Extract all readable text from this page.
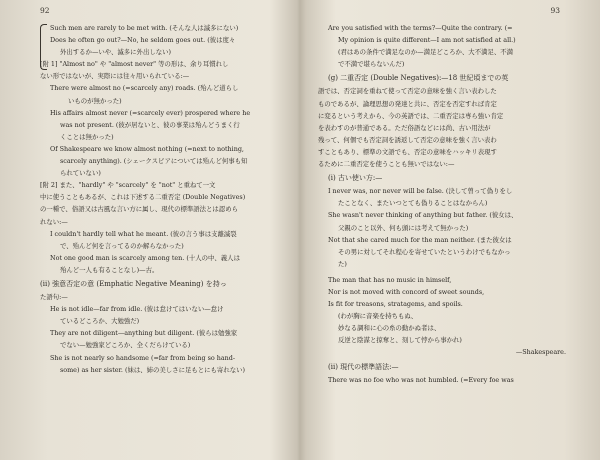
92
Such men are rarely to be met with. (そんな人は滅多にない)
Does he often go out?—No, he seldom goes out. (彼は度々
外出するか—いや、滅多に外出しない)
[附 1] "Almost no" や "almost never" 等の形は、余り耳慣れし
ない形ではないが、実際には往々用いられている:—
There were almost no (=scarcely any) roads. (殆んど道らし
いものが無かった)
His affairs almost never (=scarcely ever) prospered where he
was not present. (彼が居ないと、彼の事業は殆んどうまく行
くことは無かった)
Of Shakespeare we know almost nothing (=next to nothing,
scarcely anything). (シェークスピアについては殆んど何事も知
られていない)
[附 2] また、"hardly" や "scarcely" を "not" と重ねて一文
中に使うこともあるが、これは下述する二重否定 (Double Negatives)
の一種で、俗語又は古風な言い方に属し、現代の標準語法とは認めら
れない:—
I couldn't hardly tell what he meant. (彼の言う事は支離滅裂
で、殆んど何を言ってるのか解らなかった)
Not one good man is scarcely among ten. (十人の中、義人は
殆んど一人も有ることなし)—古。
(ii) 強意否定の意 (Emphatic Negative Meaning) を持っ
た語句:—
He is not idle—far from idle. (彼は怠けてはいない—怠け
ているどころか、大勉強だ)
They are not diligent—anything but diligent. (彼らは勉強家
でない—勉強家どころか、全くだらけている)
She is not nearly so handsome (=far from being so hand-
some) as her sister. (妹は、姉の美しさに足もとにも寄れない)
93
Are you satisfied with the terms?—Quite the contrary. (=
My opinion is quite different—I am not satisfied at all.)
(君はあの条件で満足なのか—満足どころか、大不満足、不満
で不満で堪らないんだ)
(g) 二重否定 (Double Negatives):—18 世紀頃までの英
語では、否定詞を重ねて使って否定の意味を強く言い表わした
ものであるが、論理思想の発達と共に、否定を否定すれば肯定
に変るという考えから、今の英語では、二重否定は専ら強い肯定
を表わすのが普通である。ただ俗語などには尚、古い用法が
残って、何個でも否定詞を誘返して否定の意味を強く言い表わ
すこともあり、標準の文語でも、否定の意味をハッキリ表現す
るために二重否定を使うことも無いではない:—
(i) 古い使い方:—
I never was, nor never will be false. (決して曽って偽りをし
たことなく、またいつとても偽りることはなからん)
She wasn't never thinking of anything but father. (彼女は、
父親のこと以外、何も頭には考えて無かった)
Not that she cared much for the man neither. (また彼女は
その男に対してそれ程心を寄せていたというわけでもなかっ
た)
The man that has no music in himself,
Nor is not moved with concord of sweet sounds,
Is fit for treasons, stratagems, and spoils.
(わが胸に音楽を持ちもぬ、
妙なる調和に心の糸の動かぬ者は、
反逆と陰謀と掠奪と、刻して悖から事かれ)
—Shakespeare.
(ii) 現代の標準語法:—
There was no foe who was not humbled. (=Every foe was
